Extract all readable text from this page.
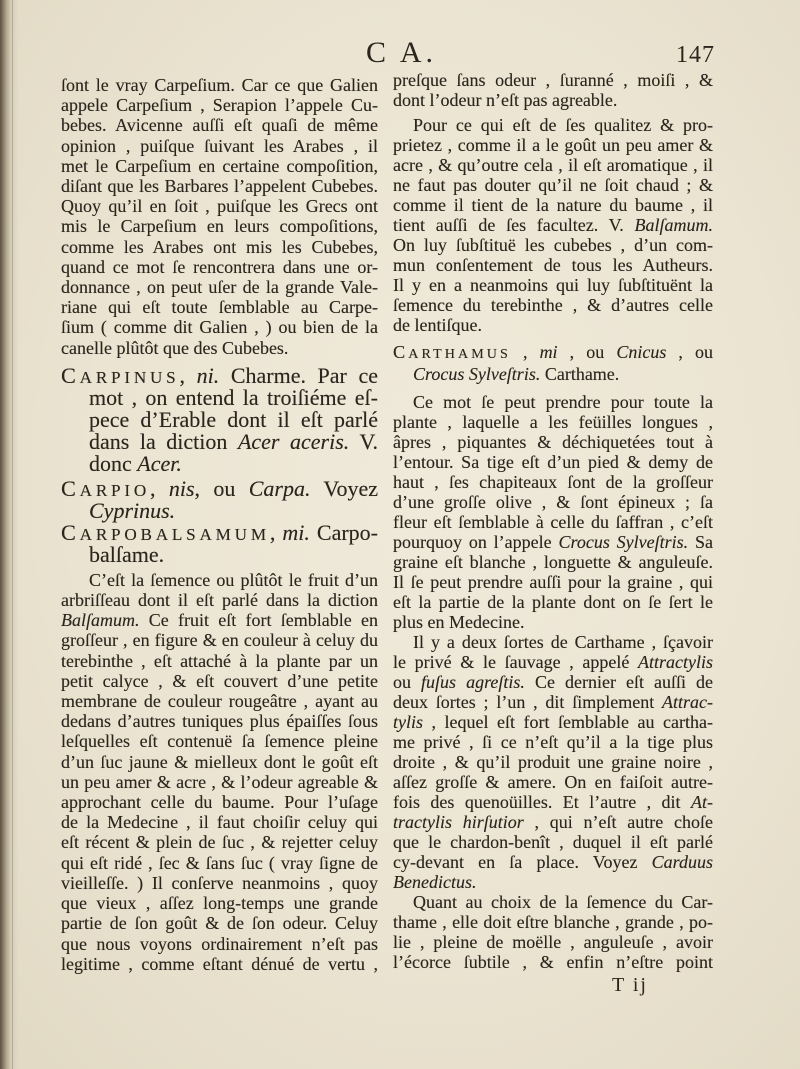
C A.	147
ſont le vray Carpeſium. Car ce que Galien
appele Carpeſium , Serapion l’appele Cu-
bebes. Avicenne auſſi eſt quaſi de même
opinion , puiſque ſuivant les Arabes , il
met le Carpeſium en certaine compoſition,
diſant que les Barbares l’appelent Cubebes.
Quoy qu’il en ſoit , puiſque les Grecs ont
mis le Carpeſium en leurs compoſitions,
comme les Arabes ont mis les Cubebes,
quand ce mot ſe rencontrera dans une or-
donnance , on peut uſer de la grande Vale-
riane qui eſt toute ſemblable au Carpe-
ſium ( comme dit Galien , ) ou bien de la
canelle plûtôt que des Cubebes.
CARPINUS, ni. Charme. Par ce
mot , on entend la troiſiéme eſ-
pece d’Erable dont il eſt parlé
dans la diction Acer aceris. V.
donc Acer.
CARPIO, nis, ou Carpa. Voyez
Cyprinus.
CARPOBALSAMUM, mi. Carpo-
balſame.
C’eſt la ſemence ou plûtôt le fruit d’un
arbriſſeau dont il eſt parlé dans la diction
Balſamum. Ce fruit eſt fort ſemblable en
groſſeur , en figure & en couleur à celuy du
terebinthe , eſt attaché à la plante par un
petit calyce , & eſt couvert d’une petite
membrane de couleur rougeâtre , ayant au
dedans d’autres tuniques plus épaiſſes ſous
leſquelles eſt contenuë ſa ſemence pleine
d’un ſuc jaune & mielleux dont le goût eſt
un peu amer & acre , & l’odeur agreable &
approchant celle du baume. Pour l’uſage
de la Medecine , il faut choiſir celuy qui
eſt récent & plein de ſuc , & rejetter celuy
qui eſt ridé , ſec & ſans ſuc ( vray ſigne de
vieilleſſe. ) Il conſerve neanmoins , quoy
que vieux , aſſez long-temps une grande
partie de ſon goût & de ſon odeur. Celuy
que nous voyons ordinairement n’eſt pas
legitime , comme eſtant dénué de vertu ,
preſque ſans odeur , ſuranné , moiſi , &
dont l’odeur n’eſt pas agreable.
Pour ce qui eſt de ſes qualitez & pro-
prietez , comme il a le goût un peu amer &
acre , & qu’outre cela , il eſt aromatique , il
ne faut pas douter qu’il ne ſoit chaud ; &
comme il tient de la nature du baume , il
tient auſſi de ſes facultez. V. Balſamum.
On luy ſubſtituë les cubebes , d’un com-
mun conſentement de tous les Autheurs.
Il y en a neanmoins qui luy ſubſtituënt la
ſemence du terebinthe , & d’autres celle
de lentiſque.
CARTHAMUS , mi , ou Cnicus , ou
Crocus Sylveſtris. Carthame.
Ce mot ſe peut prendre pour toute la
plante , laquelle a les feüilles longues ,
âpres , piquantes & déchiquetées tout à
l’entour. Sa tige eſt d’un pied & demy de
haut , ſes chapiteaux ſont de la groſſeur
d’une groſſe olive , & ſont épineux ; ſa
fleur eſt ſemblable à celle du ſaffran , c’eſt
pourquoy on l’appele Crocus Sylveſtris. Sa
graine eſt blanche , longuette & anguleuſe.
Il ſe peut prendre auſſi pour la graine , qui
eſt la partie de la plante dont on ſe ſert le
plus en Medecine.
Il y a deux ſortes de Carthame , ſçavoir
le privé & le ſauvage , appelé Attractylis
ou fuſus agreſtis. Ce dernier eſt auſſi de
deux ſortes ; l’un , dit ſimplement Attrac-
tylis , lequel eſt fort ſemblable au cartha-
me privé , ſi ce n’eſt qu’il a la tige plus
droite , & qu’il produit une graine noire ,
aſſez groſſe & amere. On en faiſoit autre-
fois des quenoüilles. Et l’autre , dit At-
tractylis hirſutior , qui n’eſt autre choſe
que le chardon-benît , duquel il eſt parlé
cy-devant en ſa place. Voyez Carduus
Benedictus.
Quant au choix de la ſemence du Car-
thame , elle doit eſtre blanche , grande , po-
lie , pleine de moëlle , anguleuſe , avoir
l’écorce ſubtile , & enfin n’eſtre point
T ij
